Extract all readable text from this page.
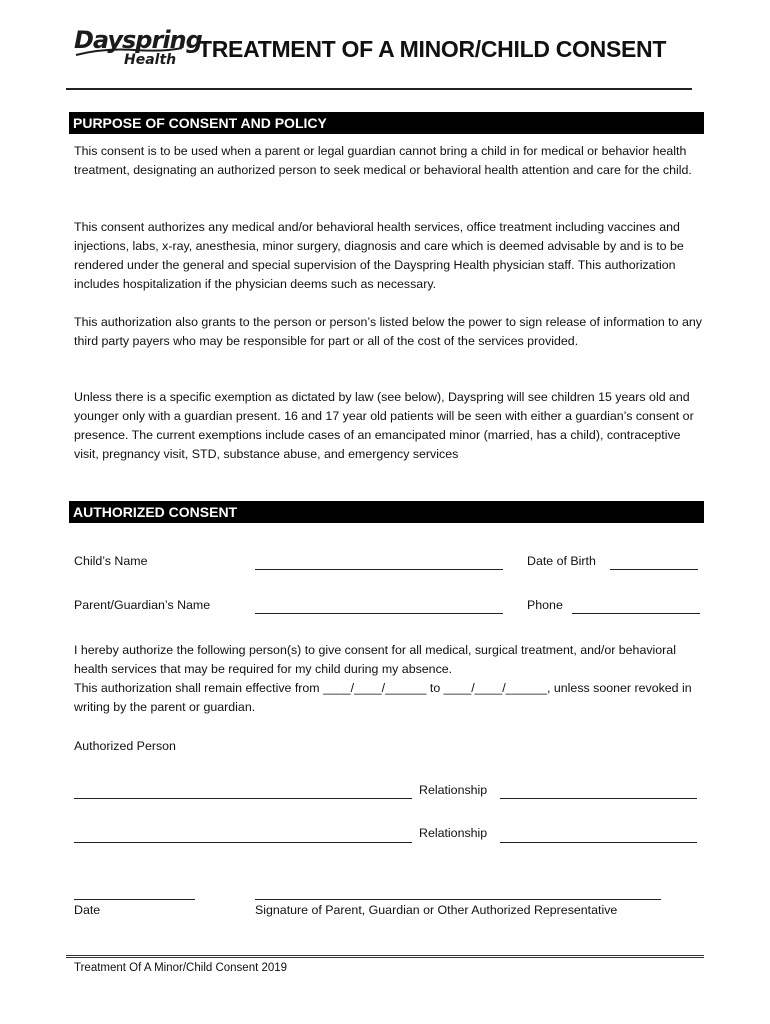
Dayspring
Health TREATMENT OF A MINOR/CHILD CONSENT
PURPOSE OF CONSENT AND POLICY
This consent is to be used when a parent or legal guardian cannot bring a child in for medical or behavior health treatment, designating an authorized person to seek medical or behavioral health attention and care for the child.
This consent authorizes any medical and/or behavioral health services, office treatment including vaccines and injections, labs, x-ray, anesthesia, minor surgery, diagnosis and care which is deemed advisable by and is to be rendered under the general and special supervision of the Dayspring Health physician staff. This authorization includes hospitalization if the physician deems such as necessary.
This authorization also grants to the person or person’s listed below the power to sign release of information to any third party payers who may be responsible for part or all of the cost of the services provided.
Unless there is a specific exemption as dictated by law (see below), Dayspring will see children 15 years old and younger only with a guardian present. 16 and 17 year old patients will be seen with either a guardian’s consent or presence. The current exemptions include cases of an emancipated minor (married, has a child), contraceptive visit, pregnancy visit, STD, substance abuse, and emergency services
AUTHORIZED CONSENT
Child’s Name	Date of Birth
Parent/Guardian’s Name	Phone
I hereby authorize the following person(s) to give consent for all medical, surgical treatment, and/or behavioral health services that may be required for my child during my absence.
This authorization shall remain effective from ____/____/______ to ____/____/______, unless sooner revoked in writing by the parent or guardian.
Authorized Person
Relationship
Relationship
Date	Signature of Parent, Guardian or Other Authorized Representative
Treatment Of A Minor/Child Consent 2019
